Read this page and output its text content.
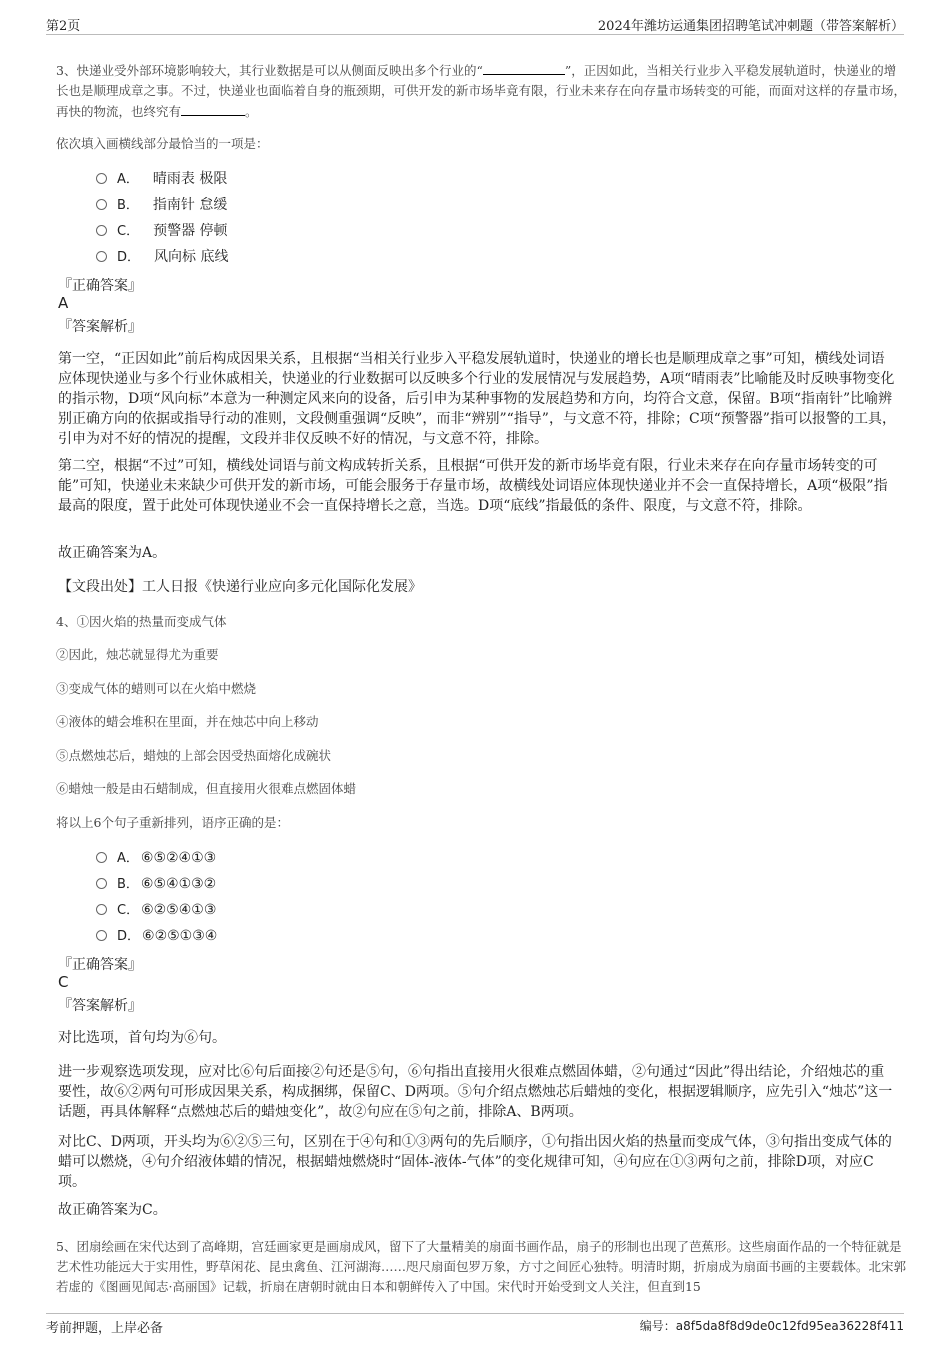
第2页	2024年潍坊运通集团招聘笔试冲刺题（带答案解析）
3、快递业受外部环境影响较大，其行业数据是可以从侧面反映出多个行业的“	”，正因如此，当相关行业步入平稳发展轨道时，快递业的增长也是顺理成章之事。不过，快递业也面临着自身的瓶颈期，可供开发的新市场毕竟有限，行业未来存在向存量市场转变的可能，而面对这样的存量市场，再快的物流，也终究有	。
依次填入画横线部分最恰当的一项是：
A． 晴雨表 极限
B． 指南针 怠缓
C． 预警器 停顿
D． 风向标 底线
『正确答案』
A
『答案解析』
第一空，“正因如此”前后构成因果关系，且根据“当相关行业步入平稳发展轨道时，快递业的增长也是顺理成章之事”可知，横线处词语应体现快递业与多个行业休戚相关，快递业的行业数据可以反映多个行业的发展情况与发展趋势，A项“晴雨表”比喻能及时反映事物变化的指示物，D项“风向标”本意为一种测定风来向的设备，后引申为某种事物的发展趋势和方向，均符合文意，保留。B项“指南针”比喻辨别正确方向的依据或指导行动的准则，文段侧重强调“反映”，而非“辨别”“指导”，与文意不符，排除；C项“预警器”指可以报警的工具，引申为对不好的情况的提醒，文段并非仅反映不好的情况，与文意不符，排除。
第二空，根据“不过”可知，横线处词语与前文构成转折关系，且根据“可供开发的新市场毕竟有限，行业未来存在向存量市场转变的可能”可知，快递业未来缺少可供开发的新市场，可能会服务于存量市场，故横线处词语应体现快递业并不会一直保持增长，A项“极限”指最高的限度，置于此处可体现快递业不会一直保持增长之意，当选。D项“底线”指最低的条件、限度，与文意不符，排除。
故正确答案为A。
【文段出处】工人日报《快递行业应向多元化国际化发展》
4、①因火焰的热量而变成气体
②因此，烛芯就显得尤为重要
③变成气体的蜡则可以在火焰中燃烧
④液体的蜡会堆积在里面，并在烛芯中向上移动
⑤点燃烛芯后，蜡烛的上部会因受热面熔化成碗状
⑥蜡烛一般是由石蜡制成，但直接用火很难点燃固体蜡
将以上6个句子重新排列，语序正确的是：
A． ⑥⑤②④①③
B． ⑥⑤④①③②
C． ⑥②⑤④①③
D． ⑥②⑤①③④
『正确答案』
C
『答案解析』
对比选项，首句均为⑥句。
进一步观察选项发现，应对比⑥句后面接②句还是⑤句，⑥句指出直接用火很难点燃固体蜡，②句通过“因此”得出结论，介绍烛芯的重要性，故⑥②两句可形成因果关系，构成捆绑，保留C、D两项。⑤句介绍点燃烛芯后蜡烛的变化，根据逻辑顺序，应先引入“烛芯”这一话题，再具体解释“点燃烛芯后的蜡烛变化”，故②句应在⑤句之前，排除A、B两项。
对比C、D两项，开头均为⑥②⑤三句，区别在于④句和①③两句的先后顺序，①句指出因火焰的热量而变成气体，③句指出变成气体的蜡可以燃烧，④句介绍液体蜡的情况，根据蜡烛燃烧时“固体-液体-气体”的变化规律可知，④句应在①③两句之前，排除D项，对应C项。
故正确答案为C。
5、团扇绘画在宋代达到了高峰期，宫廷画家更是画扇成风，留下了大量精美的扇面书画作品，扇子的形制也出现了芭蕉形。这些扇面作品的一个特征就是艺术性功能远大于实用性，野草闲花、昆虫禽鱼、江河湖海……咫尺扇面包罗万象，方寸之间匠心独特。明清时期，折扇成为扇面书画的主要载体。北宋郭若虚的《图画见闻志·高丽国》记载，折扇在唐朝时就由日本和朝鲜传入了中国。宋代时开始受到文人关注，但直到15
考前押题，上岸必备	编号：a8f5da8f8d9de0c12fd95ea36228f411
